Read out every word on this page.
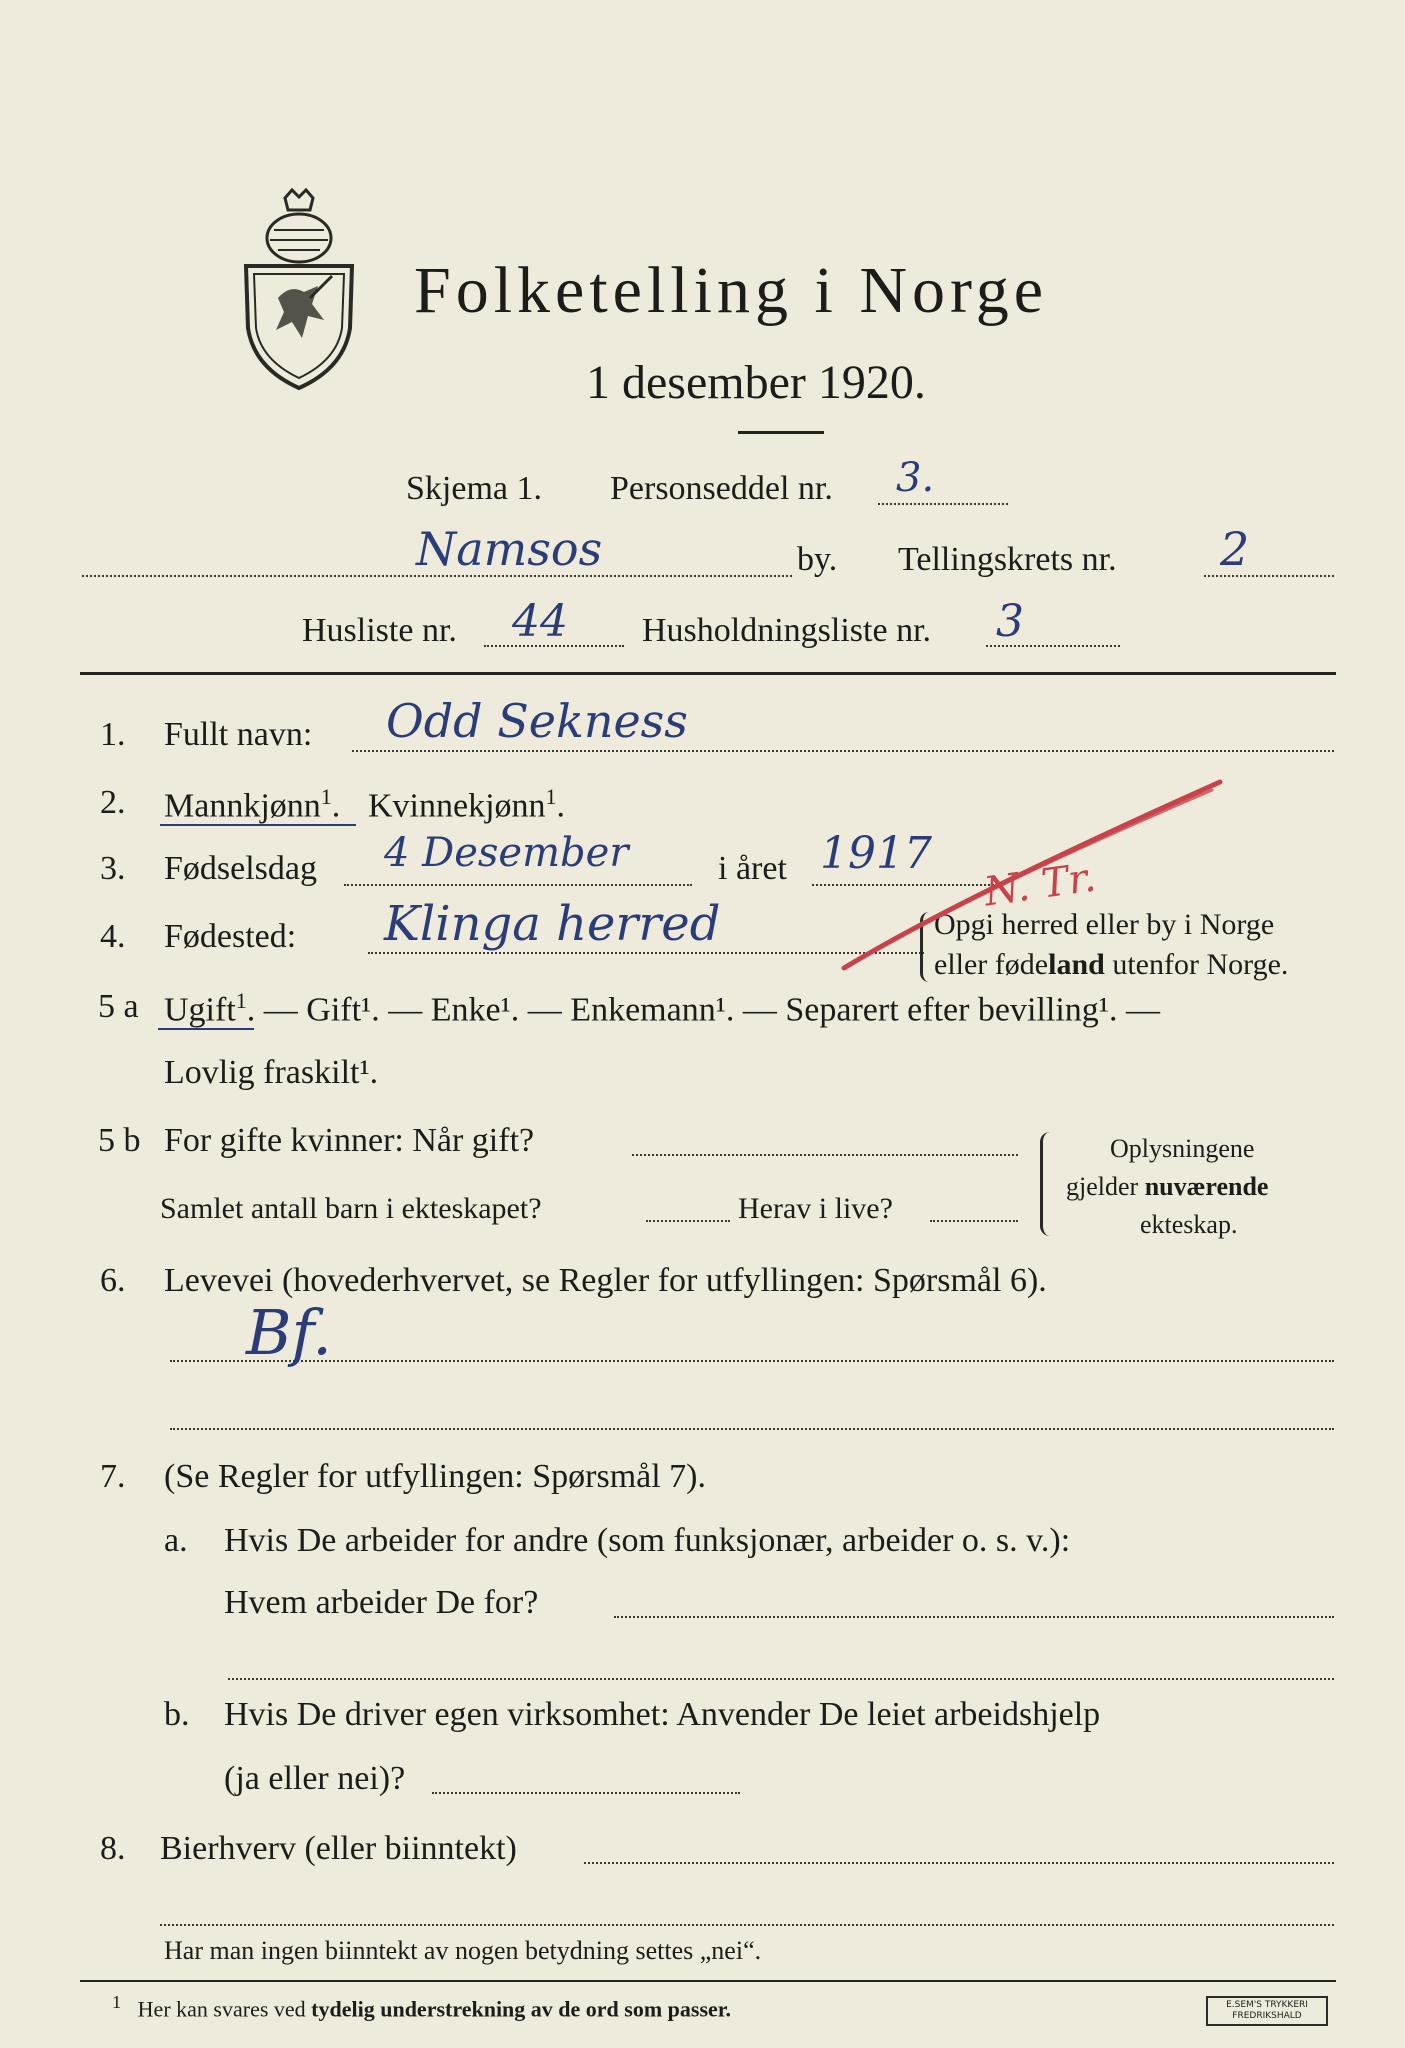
Folketelling i Norge
1 desember 1920.
Skjema 1. Personseddel nr. 3.
Namsos	by. Tellingskrets nr. 2
Husliste nr. 44 Husholdningsliste nr. 3
1. Fullt navn: Odd Sekness
2. Mannkjønn$^1$. Kvinnekjønn$^1$.
3. Fødselsdag 4 Desember	i året 1917
N. Tr.
4. Fødested: Klinga herred	Opgi herred eller by i Norge
eller fødeland utenfor Norge.
5 a Ugift$^1$. — Gift¹. — Enke¹. — Enkemann¹. — Separert efter bevilling¹. —
Lovlig fraskilt¹.
5 b For gifte kvinner: Når gift?
Samlet antall barn i ekteskapet?	Herav i live?
Oplysningene
gjelder nuværende
ekteskap.
6. Levevei (hovederhvervet, se Regler for utfyllingen: Spørsmål 6).
Bf.
7. (Se Regler for utfyllingen: Spørsmål 7).
a. Hvis De arbeider for andre (som funksjonær, arbeider o. s. v.):
Hvem arbeider De for?
b. Hvis De driver egen virksomhet: Anvender De leiet arbeidshjelp
(ja eller nei)?
8. Bierhverv (eller biinntekt)
Har man ingen biinntekt av nogen betydning settes „nei“.
$^1$ Her kan svares ved tydelig understrekning av de ord som passer.	E.SEM'S TRYKKERI
FREDRIKSHALD
